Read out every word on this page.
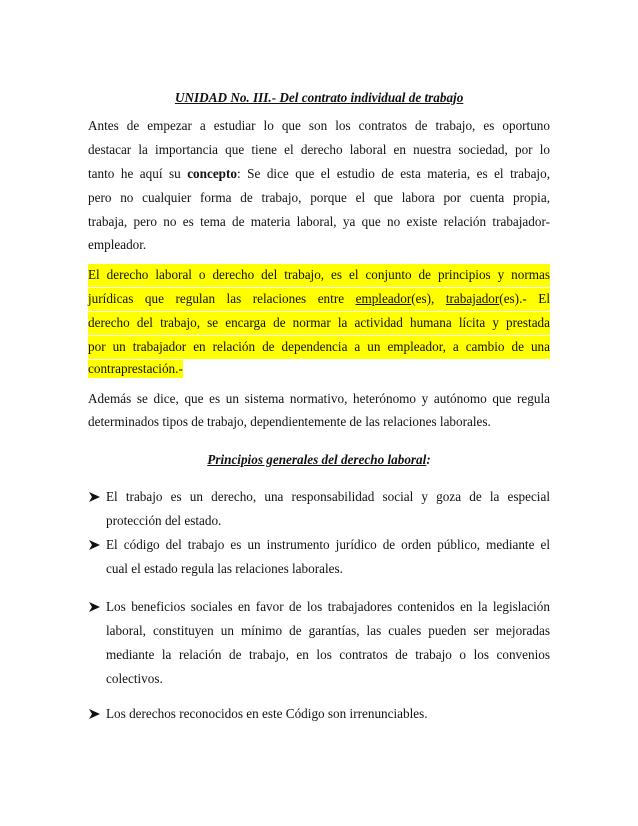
UNIDAD No. III.- Del contrato individual de trabajo
Antes de empezar a estudiar lo que son los contratos de trabajo, es oportuno
destacar la importancia que tiene el derecho laboral en nuestra sociedad, por lo
tanto he aquí su concepto: Se dice que el estudio de esta materia, es el trabajo,
pero no cualquier forma de trabajo, porque el que labora por cuenta propia,
trabaja, pero no es tema de materia laboral, ya que no existe relación trabajador-
empleador.
El derecho laboral o derecho del trabajo, es el conjunto de principios y normas
jurídicas que regulan las relaciones entre empleador(es), trabajador(es).- El
derecho del trabajo, se encarga de normar la actividad humana lícita y prestada
por un trabajador en relación de dependencia a un empleador, a cambio de una
contraprestación.-
Además se dice, que es un sistema normativo, heterónomo y autónomo que regula
determinados tipos de trabajo, dependientemente de las relaciones laborales.
Principios generales del derecho laboral:
El trabajo es un derecho, una responsabilidad social y goza de la especial
protección del estado.
El código del trabajo es un instrumento jurídico de orden público, mediante el
cual el estado regula las relaciones laborales.
Los beneficios sociales en favor de los trabajadores contenidos en la legislación
laboral, constituyen un mínimo de garantías, las cuales pueden ser mejoradas
mediante la relación de trabajo, en los contratos de trabajo o los convenios
colectivos.
Los derechos reconocidos en este Código son irrenunciables.
